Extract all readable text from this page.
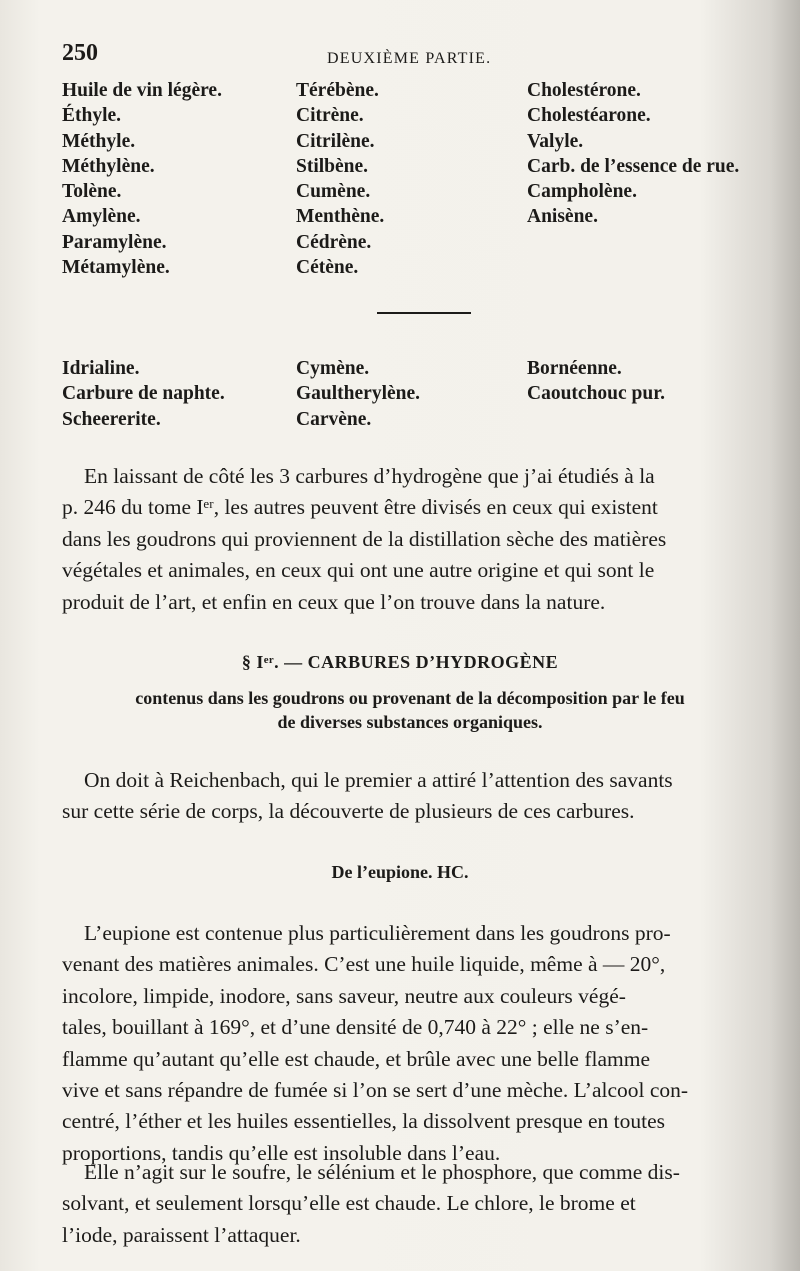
250	DEUXIÈME PARTIE.
Huile de vin légère.
Éthyle.
Méthyle.
Méthylène.
Tolène.
Amylène.
Paramylène.
Métamylène.
Térébène.
Citrène.
Citrilène.
Stilbène.
Cumène.
Menthène.
Cédrène.
Cétène.
Cholestérone.
Cholestéarone.
Valyle.
Carb. de l’essence de rue.
Campholène.
Anisène.
Idrialine.
Carbure de naphte.
Scheererite.
Cymène.
Gaultherylène.
Carvène.
Bornéenne.
Caoutchouc pur.
En laissant de côté les 3 carbures d’hydrogène que j’ai étudiés à la
p. 246 du tome Iᵉʳ, les autres peuvent être divisés en ceux qui existent
dans les goudrons qui proviennent de la distillation sèche des matières
végétales et animales, en ceux qui ont une autre origine et qui sont le
produit de l’art, et enfin en ceux que l’on trouve dans la nature.
§ Iᵉʳ. — CARBURES D’HYDROGÈNE
contenus dans les goudrons ou provenant de la décomposition par le feu
de diverses substances organiques.
On doit à Reichenbach, qui le premier a attiré l’attention des savants
sur cette série de corps, la découverte de plusieurs de ces carbures.
De l’eupione. HC.
L’eupione est contenue plus particulièrement dans les goudrons pro-
venant des matières animales. C’est une huile liquide, même à — 20°,
incolore, limpide, inodore, sans saveur, neutre aux couleurs végé-
tales, bouillant à 169°, et d’une densité de 0,740 à 22° ; elle ne s’en-
flamme qu’autant qu’elle est chaude, et brûle avec une belle flamme
vive et sans répandre de fumée si l’on se sert d’une mèche. L’alcool con-
centré, l’éther et les huiles essentielles, la dissolvent presque en toutes
proportions, tandis qu’elle est insoluble dans l’eau.
Elle n’agit sur le soufre, le sélénium et le phosphore, que comme dis-
solvant, et seulement lorsqu’elle est chaude. Le chlore, le brome et
l’iode, paraissent l’attaquer.
